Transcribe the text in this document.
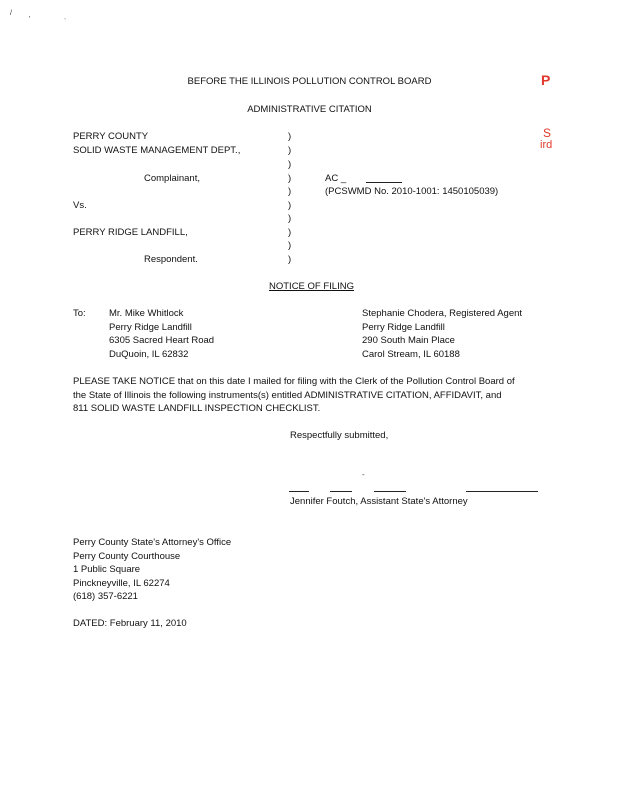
/
'	`
P
S
ird
BEFORE THE ILLINOIS POLLUTION CONTROL BOARD
ADMINISTRATIVE CITATION
PERRY COUNTY
SOLID WASTE MANAGEMENT DEPT.,
Complainant,
Vs.
PERRY RIDGE LANDFILL,
Respondent.
)
)
)
)
)
)
)
)
)
)
AC _
(PCSWMD No. 2010-1001: 1450105039)
NOTICE OF FILING
To: Mr. Mike Whitlock
Perry Ridge Landfill
6305 Sacred Heart Road
DuQuoin, IL 62832
Stephanie Chodera, Registered Agent
Perry Ridge Landfill
290 South Main Place
Carol Stream, IL 60188
PLEASE TAKE NOTICE that on this date I mailed for filing with the Clerk of the Pollution Control Board of
the State of Illinois the following instruments(s) entitled ADMINISTRATIVE CITATION, AFFIDAVIT, and
811 SOLID WASTE LANDFILL INSPECTION CHECKLIST.
Respectfully submitted,
-
Jennifer Foutch, Assistant State's Attorney
Perry County State's Attorney's Office
Perry County Courthouse
1 Public Square
Pinckneyville, IL 62274
(618) 357-6221
DATED: February 11, 2010
